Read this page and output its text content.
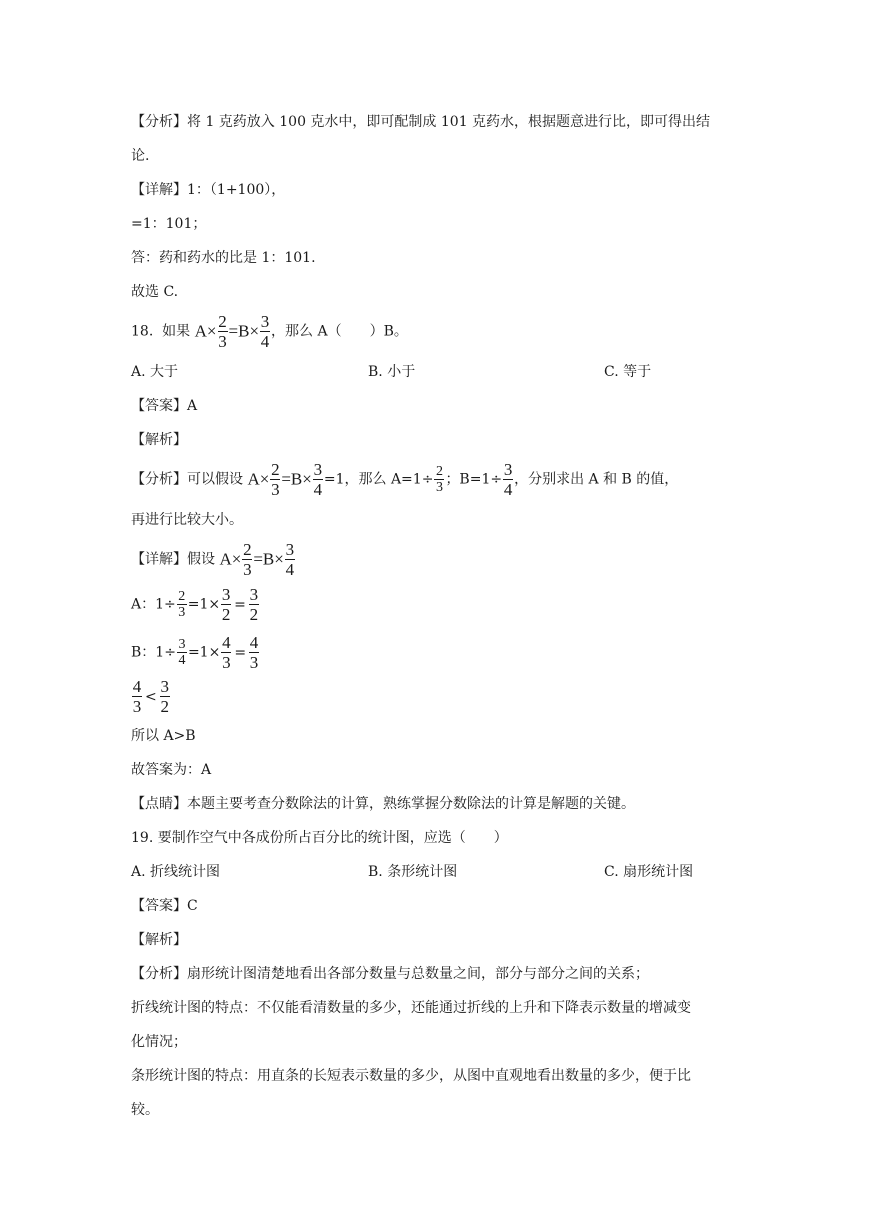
【分析】将 1 克药放入 100 克水中，即可配制成 101 克药水，根据题意进行比，即可得出结
论.
【详解】1：（1+100），
=1：101；
答：药和药水的比是 1：101.
故选 C.
18. 如果 $A\times \frac{2}{3} =B\times \frac{3}{4}$ ，那么 A（　　）B。
A. 大于	B. 小于	C. 等于
【答案】A
【解析】
【分析】可以假设 $A\times \frac{2}{3} =B\times \frac{3}{4} =1$，那么 $A=1\div \frac{2}{3}$ ；$B=1\div \frac{3}{4}$ ，分别求出 A 和 B 的值，
再进行比较大小。
【详解】假设 $A\times \frac{2}{3} =B\times \frac{3}{4}$
A：$1\div \frac{2}{3} =1\times \frac{3}{2} = \frac{3}{2}$
B：$1\div \frac{3}{4} =1\times \frac{4}{3} = \frac{4}{3}$
$\frac{4}{3} < \frac{3}{2}$
所以 A>B
故答案为：A
【点睛】本题主要考查分数除法的计算，熟练掌握分数除法的计算是解题的关键。
19. 要制作空气中各成份所占百分比的统计图，应选（　　）
A. 折线统计图	B. 条形统计图	C. 扇形统计图
【答案】C
【解析】
【分析】扇形统计图清楚地看出各部分数量与总数量之间，部分与部分之间的关系；
折线统计图的特点：不仅能看清数量的多少，还能通过折线的上升和下降表示数量的增减变
化情况；
条形统计图的特点：用直条的长短表示数量的多少，从图中直观地看出数量的多少，便于比
较。
